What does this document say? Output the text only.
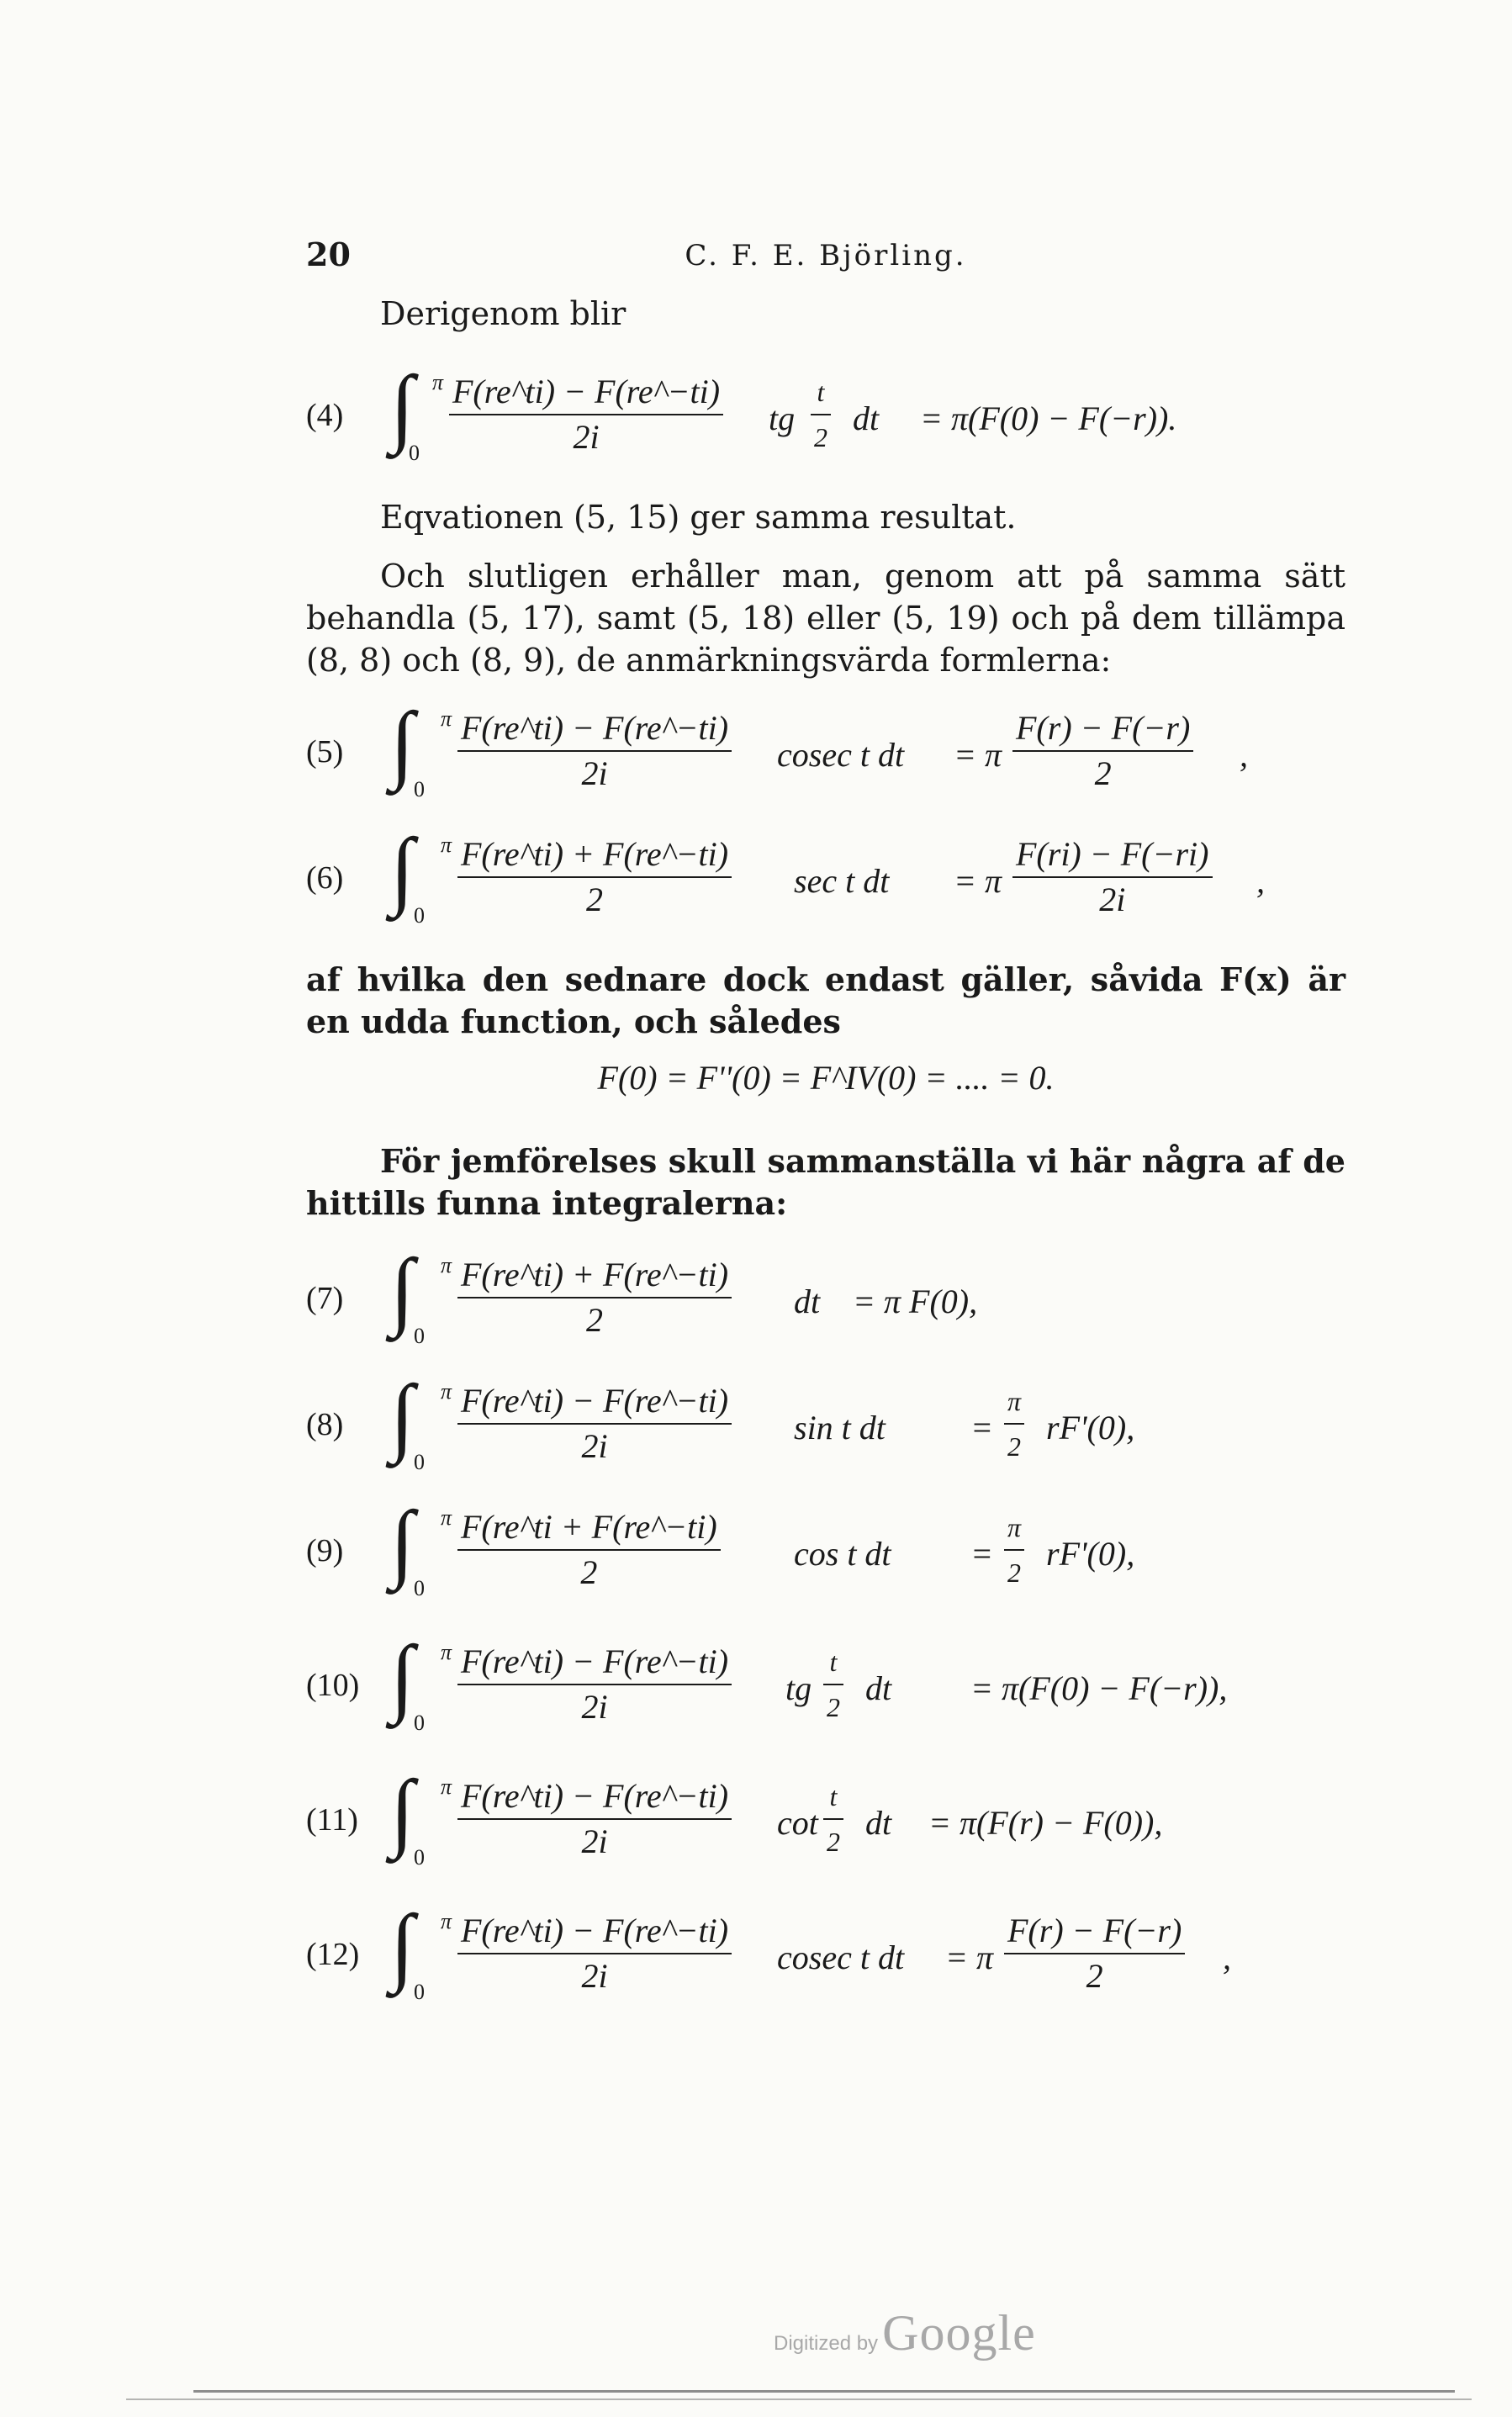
20	C. F. E. Björling.

Derigenom blir

(4) ∫ π
0
F(re^ti) − F(re^−ti)
2i	tg
t
2 dt = π(F(0) − F(−r)).

Eqvationen (5, 15) ger samma resultat.

Och slutligen erhåller man, genom att på samma sätt behandla (5, 17), samt (5, 18) eller (5, 19) och på dem tillämpa (8, 8) och (8, 9), de anmärkningsvärda formlerna:

(5) ∫ π
0
F(re^ti) − F(re^−ti)
2i	cosec t dt = π
F(r) − F(−r)
2	,
(6) ∫ π
0
F(re^ti) + F(re^−ti)
2	sec t dt = π
F(ri) − F(−ri)
2i	,

af hvilka den sednare dock endast gäller, såvida F(x) är en udda function, och således

F(0) = F''(0) = F^IV(0) = .... = 0.

För jemförelses skull sammanställa vi här några af de hittills funna integralerna:

(7) ∫ π
0
F(re^ti) + F(re^−ti)
2	dt = π F(0),
(8) ∫ π
0
F(re^ti) − F(re^−ti)
2i	sin t dt	=
π
2 rF'(0),
(9) ∫ π
0
F(re^ti + F(re^−ti)
2	cos t dt =
π
2 rF'(0),
(10) ∫ π
0
F(re^ti) − F(re^−ti)
2i	tg
t
2 dt = π(F(0) − F(−r)),
(11) ∫ π
0
F(re^ti) − F(re^−ti)
2i	cot
t
2 dt = π(F(r) − F(0)),
(12) ∫ π
0
F(re^ti) − F(re^−ti)
2i	cosec t dt = π
F(r) − F(−r)
2	,
Digitized by Google
